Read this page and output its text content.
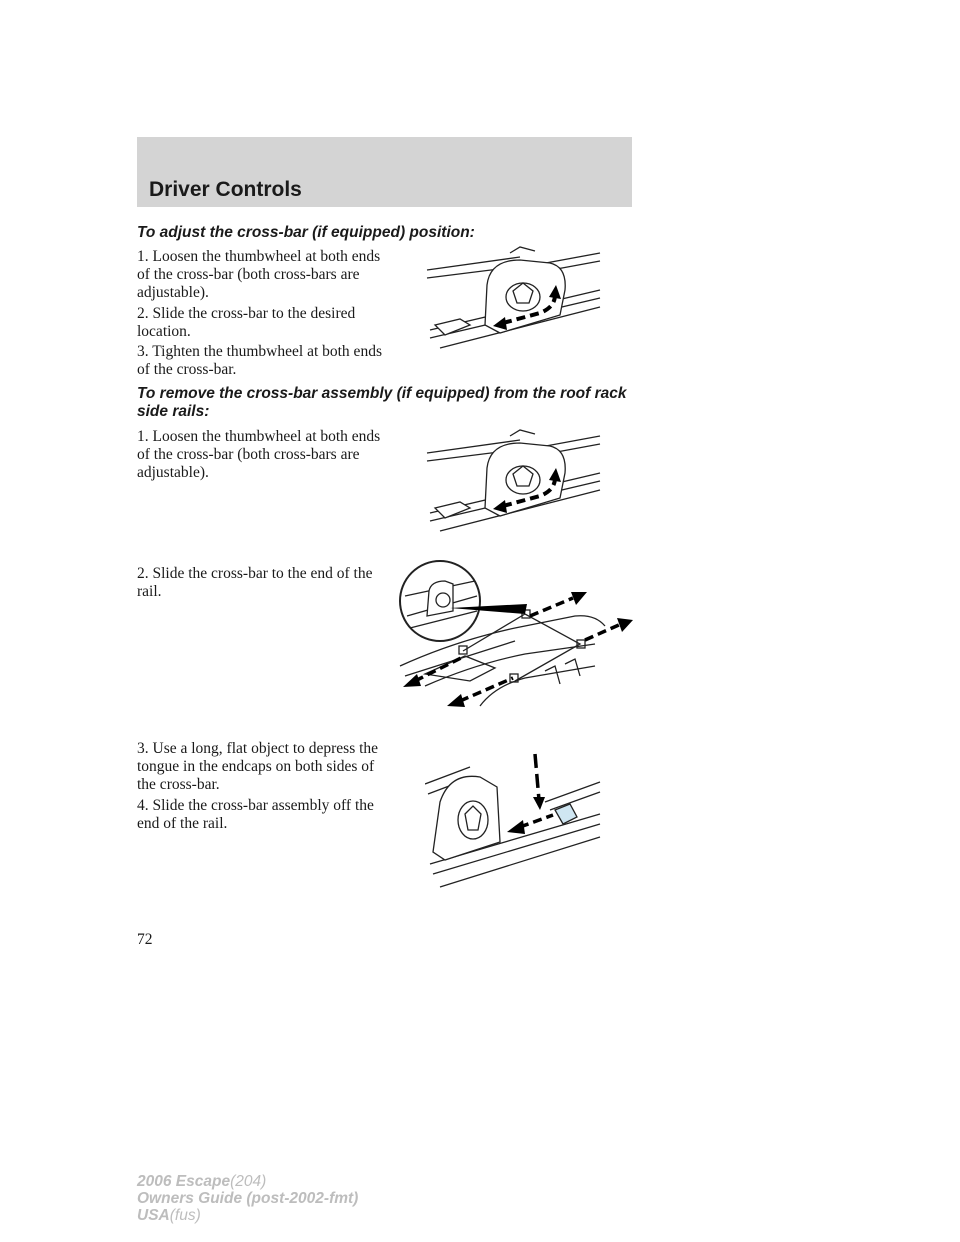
Driver Controls

To adjust the cross-bar (if equipped) position:

1. Loosen the thumbwheel at both ends of the cross-bar (both cross-bars are adjustable).

2. Slide the cross-bar to the desired location.

3. Tighten the thumbwheel at both ends of the cross-bar.

To remove the cross-bar assembly (if equipped) from the roof rack side rails:

1. Loosen the thumbwheel at both ends of the cross-bar (both cross-bars are adjustable).

2. Slide the cross-bar to the end of the rail.

3. Use a long, flat object to depress the tongue in the endcaps on both sides of the cross-bar.

4. Slide the cross-bar assembly off the end of the rail.

72
2006 Escape(204)
Owners Guide (post-2002-fmt)
USA(fus)
